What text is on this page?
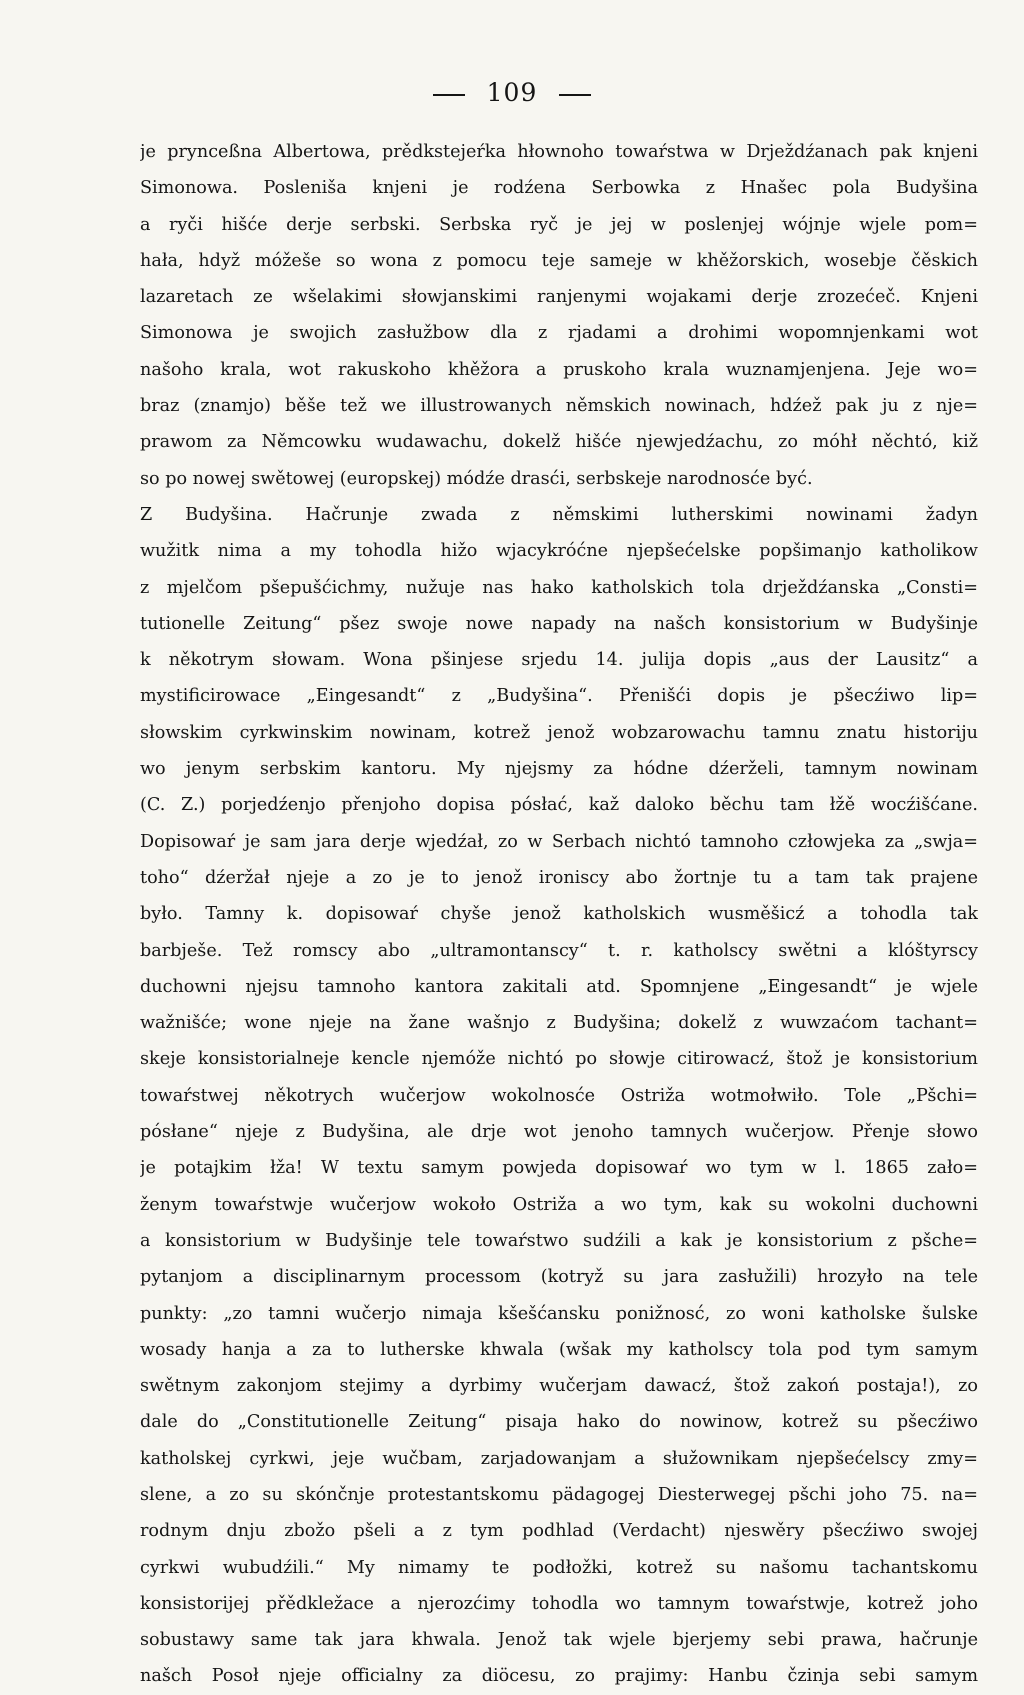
109
je prynceßna Albertowa, prědkstejeŕka hłownoho towaŕstwa w Drježdźanach pak knjeni
Simonowa. Posleniša knjeni je rodźena Serbowka z Hnašec pola Budyšina
a ryči hišće derje serbski. Serbska ryč je jej w poslenjej wójnje wjele pom=
hała, hdyž móžeše so wona z pomocu teje sameje w khěžorskich, wosebje čěskich
lazaretach ze wšelakimi słowjanskimi ranjenymi wojakami derje zrozećeč. Knjeni
Simonowa je swojich zasłužbow dla z rjadami a drohimi wopomnjenkami wot
našoho krala, wot rakuskoho khěžora a pruskoho krala wuznamjenjena. Jeje wo=
braz (znamjo) běše tež we illustrowanych němskich nowinach, hdźež pak ju z nje=
prawom za Němcowku wudawachu, dokelž hišće njewjedźachu, zo móhł něchtó, kiž
so po nowej swětowej (europskej) módźe drasći, serbskeje narodnosće być.
Z Budyšina. Hačrunje zwada z němskimi lutherskimi nowinami žadyn
wužitk nima a my tohodla hižo wjacykróćne njepšećelske popšimanjo katholikow
z mjelčom pšepušćichmy, nužuje nas hako katholskich tola drježdźanska „Consti=
tutionelle Zeitung“ pšez swoje nowe napady na našch konsistorium w Budyšinje
k někotrym słowam. Wona pšinjese srjedu 14. julija dopis „aus der Lausitz“ a
mystificirowace „Eingesandt“ z „Budyšina“. Přenišći dopis je pšecźiwo lip=
słowskim cyrkwinskim nowinam, kotrež jenož wobzarowachu tamnu znatu historiju
wo jenym serbskim kantoru. My njejsmy za hódne dźerželi, tamnym nowinam
(C. Z.) porjedźenjo přenjoho dopisa pósłać, kaž daloko běchu tam łžě wocźišćane.
Dopisowaŕ je sam jara derje wjedźał, zo w Serbach nichtó tamnoho człowjeka za „swja=
toho“ dźeržał njeje a zo je to jenož ironiscy abo žortnje tu a tam tak prajene
było. Tamny k. dopisowaŕ chyše jenož katholskich wusměšicź a tohodla tak
barbješe. Tež romscy abo „ultramontanscy“ t. r. katholscy swětni a klóštyrscy
duchowni njejsu tamnoho kantora zakitali atd. Spomnjene „Eingesandt“ je wjele
wažnišće; wone njeje na žane wašnjo z Budyšina; dokelž z wuwzaćom tachant=
skeje konsistorialneje kencle njemóže nichtó po słowje citirowacź, štož je konsistorium
towaŕstwej někotrych wučerjow wokolnosće Ostriža wotmołwiło. Tole „Pšchi=
pósłane“ njeje z Budyšina, ale drje wot jenoho tamnych wučerjow. Přenje słowo
je potajkim łža! W textu samym powjeda dopisowaŕ wo tym w l. 1865 zało=
ženym towaŕstwje wučerjow wokoło Ostriža a wo tym, kak su wokolni duchowni
a konsistorium w Budyšinje tele towaŕstwo sudźili a kak je konsistorium z pšche=
pytanjom a disciplinarnym processom (kotryž su jara zasłužili) hrozyło na tele
punkty: „zo tamni wučerjo nimaja kšešćansku ponižnosć, zo woni katholske šulske
wosady hanja a za to lutherske khwala (wšak my katholscy tola pod tym samym
swětnym zakonjom stejimy a dyrbimy wučerjam dawacź, štož zakoń postaja!), zo
dale do „Constitutionelle Zeitung“ pisaja hako do nowinow, kotrež su pšecźiwo
katholskej cyrkwi, jeje wučbam, zarjadowanjam a słužownikam njepšećelscy zmy=
slene, a zo su skónčnje protestantskomu pädagogej Diesterwegej pšchi joho 75. na=
rodnym dnju zbožo pšeli a z tym podhlad (Verdacht) njeswěry pšecźiwo swojej
cyrkwi wubudźili.“ My nimamy te podłožki, kotrež su našomu tachantskomu
konsistorijej přědkležace a njerozćimy tohodla wo tamnym towaŕstwje, kotrež joho
sobustawy same tak jara khwala. Jenož tak wjele bjerjemy sebi prawa, hačrunje
našch Posoł njeje officialny za diöcesu, zo prajimy: Hanbu čzinja sebi samym
